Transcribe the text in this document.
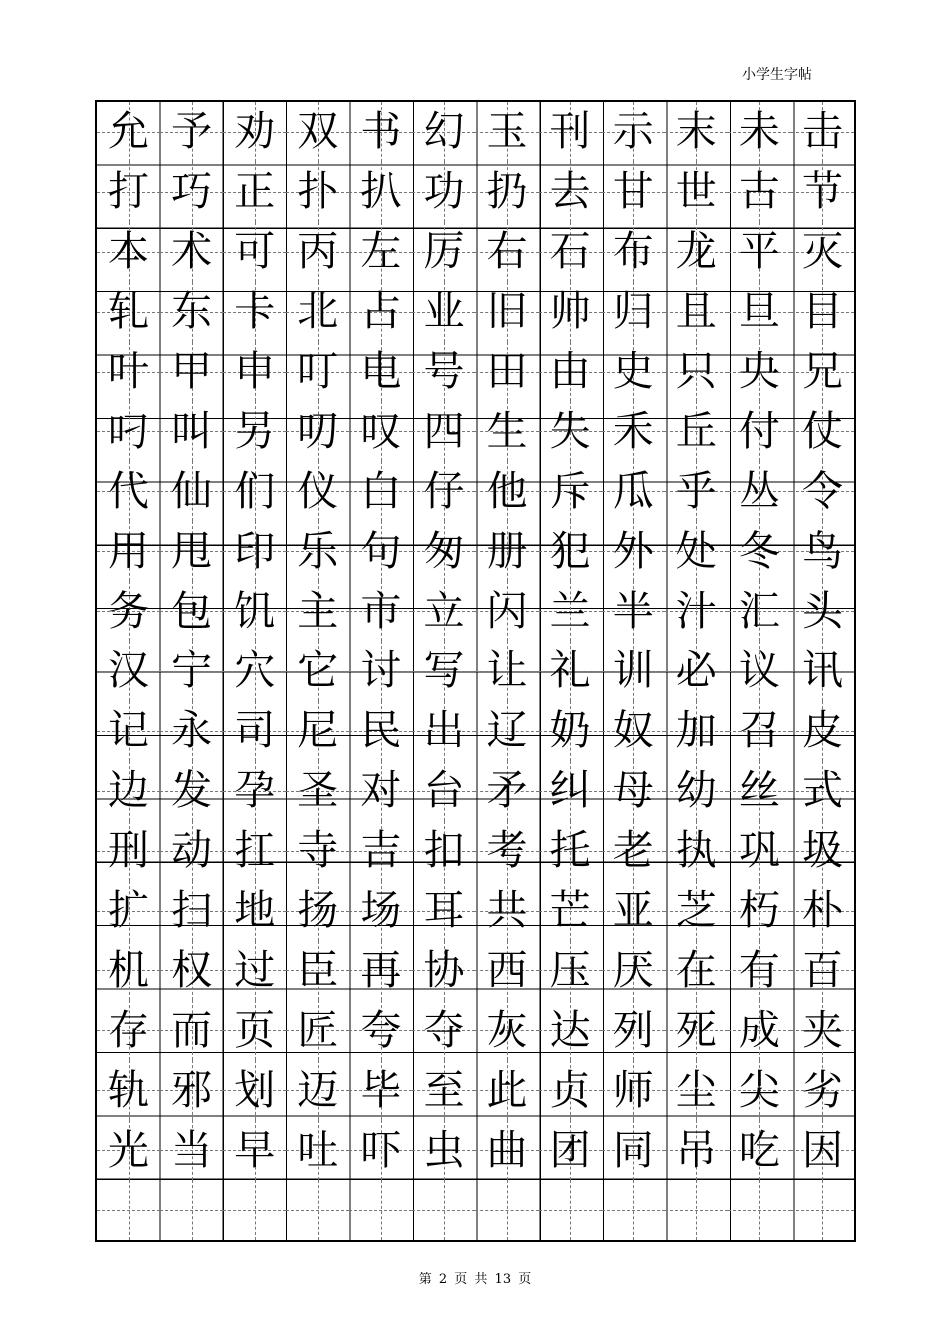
小学生字帖
允 予 劝 双 书 幻 玉 刊 示 末 未 击
打 巧 正 扑 扒 功 扔 去 甘 世 古 节
本 术 可 丙 左 厉 右 石 布 龙 平 灭
轧 东 卡 北 占 业 旧 帅 归 且 旦 目
叶 甲 申 叮 电 号 田 由 史 只 央 兄
叼 叫 另 叨 叹 四 生 失 禾 丘 付 仗
代 仙 们 仪 白 仔 他 斥 瓜 乎 丛 令
用 甩 印 乐 句 匆 册 犯 外 处 冬 鸟
务 包 饥 主 市 立 闪 兰 半 汁 汇 头
汉 宁 穴 它 讨 写 让 礼 训 必 议 讯
记 永 司 尼 民 出 辽 奶 奴 加 召 皮
边 发 孕 圣 对 台 矛 纠 母 幼 丝 式
刑 动 扛 寺 吉 扣 考 托 老 执 巩 圾
扩 扫 地 扬 场 耳 共 芒 亚 芝 朽 朴
机 权 过 臣 再 协 西 压 厌 在 有 百
存 而 页 匠 夸 夺 灰 达 列 死 成 夹
轨 邪 划 迈 毕 至 此 贞 师 尘 尖 劣
光 当 早 吐 吓 虫 曲 团 同 吊 吃 因
第 2 页 共 13 页
